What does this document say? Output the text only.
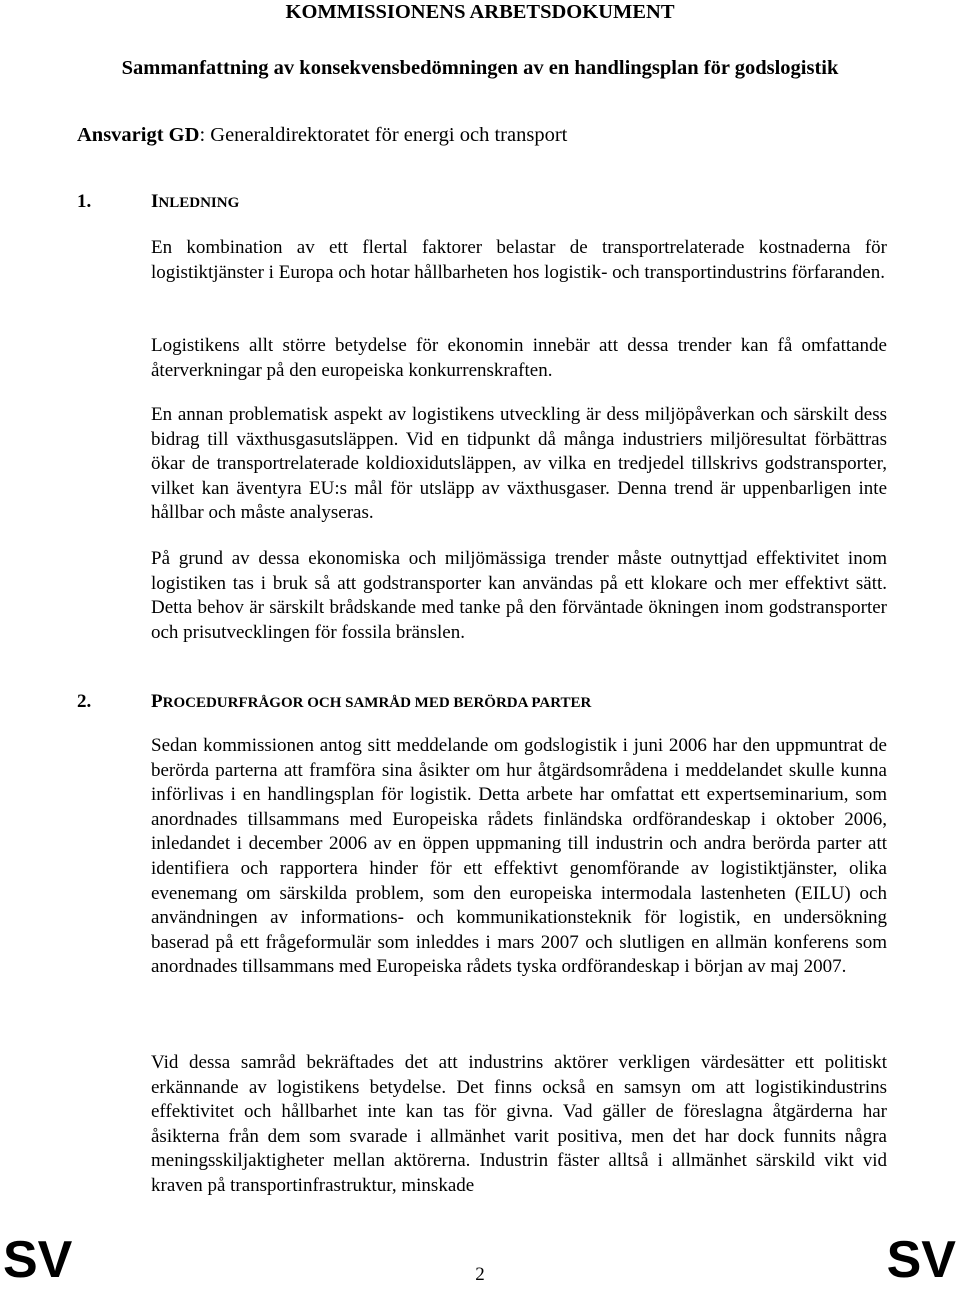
KOMMISSIONENS ARBETSDOKUMENT
Sammanfattning av konsekvensbedömningen av en handlingsplan för godslogistik
Ansvarigt GD: Generaldirektoratet för energi och transport
1.	INLEDNING

En kombination av ett flertal faktorer belastar de transportrelaterade kostnaderna för logistiktjänster i Europa och hotar hållbarheten hos logistik- och transportindustrins förfaranden.

Logistikens allt större betydelse för ekonomin innebär att dessa trender kan få omfattande återverkningar på den europeiska konkurrenskraften.

En annan problematisk aspekt av logistikens utveckling är dess miljöpåverkan och särskilt dess bidrag till växthusgasutsläppen. Vid en tidpunkt då många industriers miljöresultat förbättras ökar de transportrelaterade koldioxidutsläppen, av vilka en tredjedel tillskrivs godstransporter, vilket kan äventyra EU:s mål för utsläpp av växthusgaser. Denna trend är uppenbarligen inte hållbar och måste analyseras.

På grund av dessa ekonomiska och miljömässiga trender måste outnyttjad effektivitet inom logistiken tas i bruk så att godstransporter kan användas på ett klokare och mer effektivt sätt. Detta behov är särskilt brådskande med tanke på den förväntade ökningen inom godstransporter och prisutvecklingen för fossila bränslen.

2.	PROCEDURFRÅGOR OCH SAMRÅD MED BERÖRDA PARTER

Sedan kommissionen antog sitt meddelande om godslogistik i juni 2006 har den uppmuntrat de berörda parterna att framföra sina åsikter om hur åtgärdsområdena i meddelandet skulle kunna införlivas i en handlingsplan för logistik. Detta arbete har omfattat ett expertseminarium, som anordnades tillsammans med Europeiska rådets finländska ordförandeskap i oktober 2006, inledandet i december 2006 av en öppen uppmaning till industrin och andra berörda parter att identifiera och rapportera hinder för ett effektivt genomförande av logistiktjänster, olika evenemang om särskilda problem, som den europeiska intermodala lastenheten (EILU) och användningen av informations- och kommunikationsteknik för logistik, en undersökning baserad på ett frågeformulär som inleddes i mars 2007 och slutligen en allmän konferens som anordnades tillsammans med Europeiska rådets tyska ordförandeskap i början av maj 2007.

Vid dessa samråd bekräftades det att industrins aktörer verkligen värdesätter ett politiskt erkännande av logistikens betydelse. Det finns också en samsyn om att logistikindustrins effektivitet och hållbarhet inte kan tas för givna. Vad gäller de föreslagna åtgärderna har åsikterna från dem som svarade i allmänhet varit positiva, men det har dock funnits några meningsskiljaktigheter mellan aktörerna. Industrin fäster alltså i allmänhet särskild vikt vid kraven på transportinfrastruktur, minskade

SV	2	SV
